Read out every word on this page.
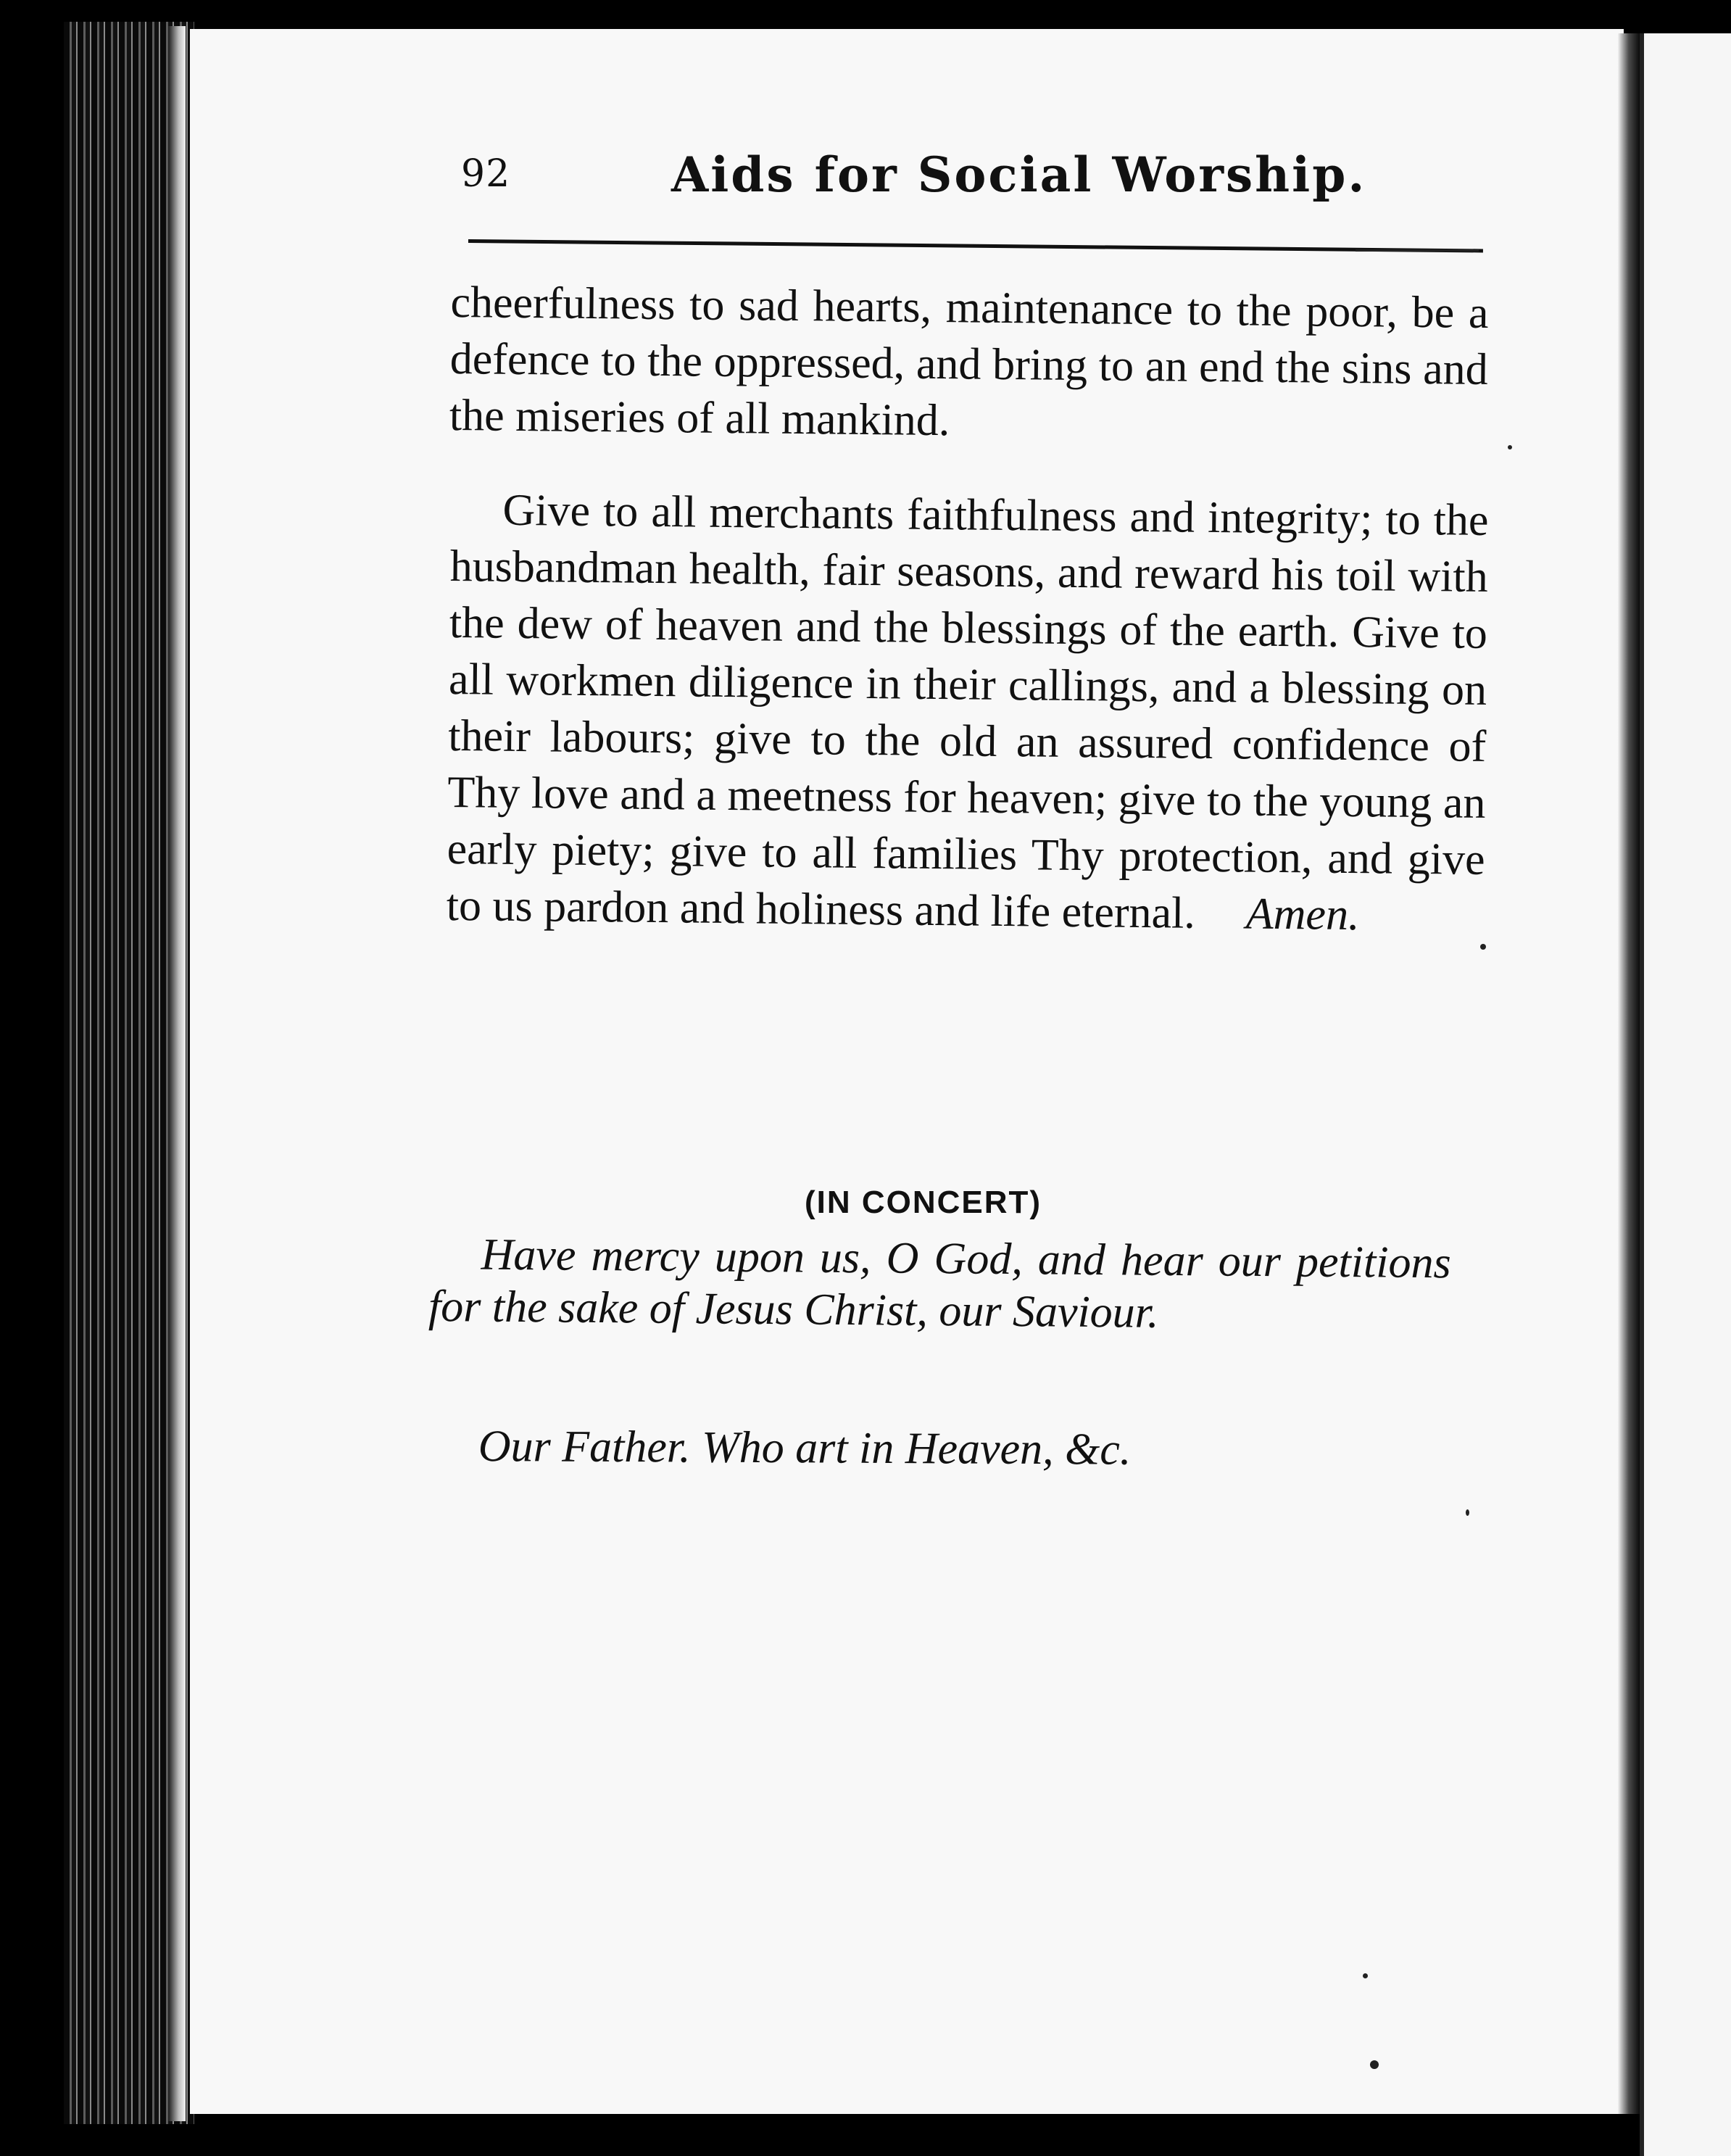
92	Aids for Social Worship.

cheerfulness to sad hearts, maintenance to the poor, be a defence to the oppressed, and bring to an end the sins and the miseries of all mankind.

Give to all merchants faithfulness and integrity; to the husbandman health, fair seasons, and reward his toil with the dew of heaven and the blessings of the earth. Give to all workmen diligence in their callings, and a blessing on their labours; give to the old an assured confidence of Thy love and a meetness for heaven; give to the young an early piety; give to all families Thy protection, and give to us pardon and holiness and life eternal. Amen.

(IN CONCERT)

Have mercy upon us, O God, and hear our petitions for the sake of Jesus Christ, our Saviour.

Our Father. Who art in Heaven, &c.
